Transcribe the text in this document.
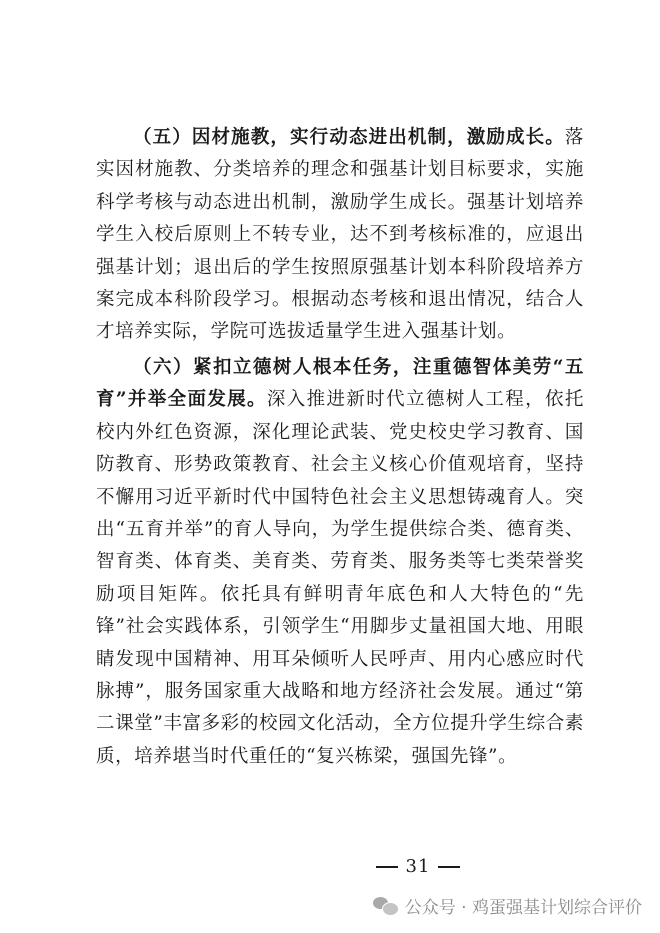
（五）因材施教，实行动态进出机制，激励成长。落实因材施教、分类培养的理念和强基计划目标要求，实施科学考核与动态进出机制，激励学生成长。强基计划培养学生入校后原则上不转专业，达不到考核标准的，应退出强基计划；退出后的学生按照原强基计划本科阶段培养方案完成本科阶段学习。根据动态考核和退出情况，结合人才培养实际，学院可选拔适量学生进入强基计划。

（六）紧扣立德树人根本任务，注重德智体美劳“五育”并举全面发展。深入推进新时代立德树人工程，依托校内外红色资源，深化理论武装、党史校史学习教育、国防教育、形势政策教育、社会主义核心价值观培育，坚持不懈用习近平新时代中国特色社会主义思想铸魂育人。突出“五育并举”的育人导向，为学生提供综合类、德育类、智育类、体育类、美育类、劳育类、服务类等七类荣誉奖励项目矩阵。依托具有鲜明青年底色和人大特色的“先锋”社会实践体系，引领学生“用脚步丈量祖国大地、用眼睛发现中国精神、用耳朵倾听人民呼声、用内心感应时代脉搏”，服务国家重大战略和地方经济社会发展。通过“第二课堂”丰富多彩的校园文化活动，全方位提升学生综合素质，培养堪当时代重任的“复兴栋梁，强国先锋”。

31
公众号 · 鸡蛋强基计划综合评价
